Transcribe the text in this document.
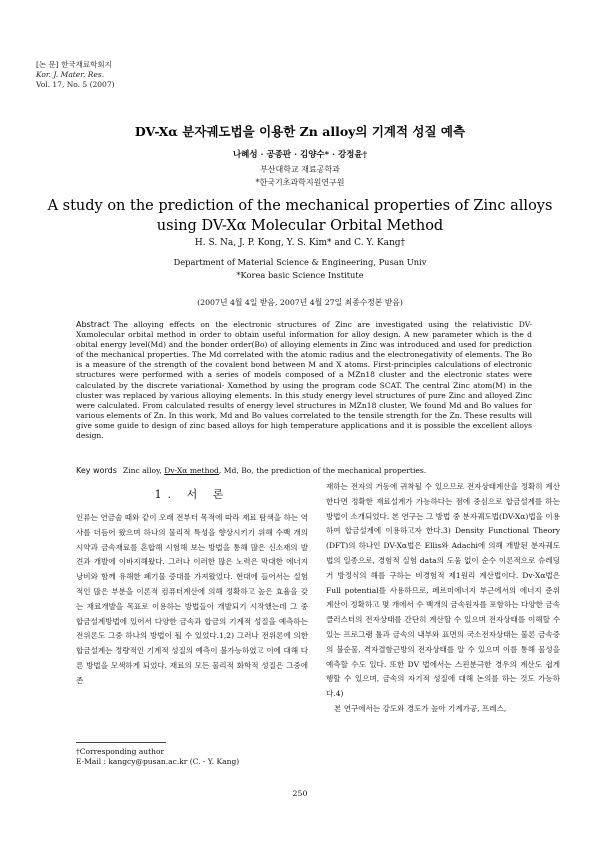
[논 문] 한국재료학회지
Kor. J. Mater. Res.
Vol. 17, No. 5 (2007)
DV-Xα 분자궤도법을 이용한 Zn alloy의 기계적 성질 예측
나혜성 · 공종판 · 김양수* · 강정윤†
부산대학교 재료공학과
*한국기초과학지원연구원
A study on the prediction of the mechanical properties of Zinc alloys using DV-Xα Molecular Orbital Method
H. S. Na, J. P. Kong, Y. S. Kim* and C. Y. Kang†
Department of Material Science & Engineering, Pusan Univ
*Korea basic Science Institute
(2007년 4월 4일 받음, 2007년 4월 27일 최종수정본 받음)
Abstract The alloying effects on the electronic structures of Zinc are investigated using the relativistic DV-Xαmolecular orbital method in order to obtain useful information for alloy design. A new parameter which is the d obital energy level(Md) and the bonder order(Bo) of alloying elements in Zinc was introduced and used for prediction of the mechanical properties. The Md correlated with the atomic radius and the electronegativity of elements. The Bo is a measure of the strength of the covalent bond between M and X atoms. First-principles calculations of electronic structures were performed with a series of models composed of a MZn18 cluster and the electronic states were calculated by the discrete variational- Xαmethod by using the program code SCAT. The central Zinc atom(M) in the cluster was replaced by various alloying elements. In this study energy level structures of pure Zinc and alloyed Zinc were calculated. From calculated results of energy level structures in MZn18 cluster, We found Md and Bo values for various elements of Zn. In this work, Md and Bo values correlated to the tensile strength for the Zn. These results will give some guide to design of zinc based alloys for high temperature applications and it is possible the excellent alloys design.
Key words Zinc alloy, Dv-Xα method, Md, Bo, the prediction of the mechanical properties.
1. 서 론

인류는 연금술 때와 같이 오래 전부터 목적에 따라 재료 탐색을 하는 역사를 더듬어 왔으며 하나의 물리적 특성을 향상시키기 위해 수백 개의 시약과 금속재료를 혼합해 시험해 보는 방법을 통해 많은 신소재의 발견과 개발에 이바지해왔다. 그러나 이러한 많은 노력은 막대한 에너지 낭비와 함께 유해한 폐기물 증대를 가져왔었다. 현대에 들어서는 실험적인 많은 부분을 이론적 컴퓨터계산에 의해 정확하고 높은 효율을 갖는 재료개발을 목표로 이용하는 방법들이 개발되기 시작했는데 그 중 합금설계방법에 있어서 다양한 금속과 합금의 기계적 성질을 예측하는 전위론도 그중 하나의 방법이 될 수 있었다.1,2) 그러나 전위론에 의한 합금설계는 정량적인 기계적 성질의 예측이 불가능하였고 이에 대해 다른 방법을 모색하게 되었다. 재료의 모든 물리적 화학적 성질은 그중에 존

재하는 전자의 거동에 귀착될 수 있으므로 전자상태계산을 정확히 계산한다면 정확한 재료설계가 가능하다는 점에 중심으로 합금설계를 하는 방법이 소개되었다. 본 연구는 그 방법 중 분자궤도법(DV-Xα)법을 이용하여 합금설계에 이용하고자 한다.3) Density Functional Theory (DFT)의 하나인 DV-Xα법은 Ellis와 Adachi에 의해 개발된 분자궤도법의 일종으로, 경험적 실험 data의 도움 없이 순수 이론적으로 슈레딩거 방정식의 해를 구하는 비경험적 제1원리 계산법이다. Dv-Xα법은 Full potential를 사용하므로, 페르미에너지 부근에서의 에너지 준위 계산이 정확하고 몇 개에서 수 백개의 금속원자를 포함하는 다양한 금속 클러스터의 전자상태를 간단히 계산할 수 있으며 전자상태를 이해할 수 있는 프로그램 툴과 금속의 내부와 표면의 국소전자상태는 물론 금속증의 불순물, 격자결함근방의 전자상태를 알 수 있으며 이를 통해 물성을 예측할 수도 있다. 또한 DV 법에서는 스핀분극한 경우의 계산도 쉽게 행할 수 있으며, 금속의 자기적 성질에 대해 논의를 하는 것도 가능하다.4)

본 연구에서는 강도와 경도가 높아 기계가공, 프레스,

†Corresponding author
E-Mail : kangcy@pusan.ac.kr (C. - Y. Kang)
250
